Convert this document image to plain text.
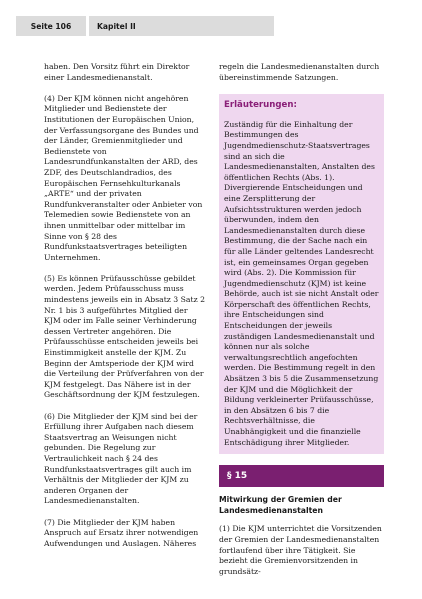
Seite 106	Kapitel II

haben. Den Vorsitz führt ein Direktor einer Landesmedienanstalt.

(4) Der KJM können nicht angehören Mitglieder und Bedienstete der Institutionen der Europäischen Union, der Verfassungsorgane des Bundes und der Länder, Gremienmitglieder und Bedienstete von Landesrundfunkanstalten der ARD, des ZDF, des Deutschlandradios, des Europäischen Fernsehkulturkanals „ARTE“ und der privaten Rundfunkveranstalter oder Anbieter von Telemedien sowie Bedienstete von an ihnen unmittelbar oder mittelbar im Sinne von § 28 des Rundfunkstaatsvertrages beteiligten Unternehmen.

(5) Es können Prüfausschüsse gebildet werden. Jedem Prüfausschuss muss mindestens jeweils ein in Absatz 3 Satz 2 Nr. 1 bis 3 aufgeführtes Mitglied der KJM oder im Falle seiner Verhinderung dessen Vertreter angehören. Die Prüfausschüsse entscheiden jeweils bei Einstimmigkeit anstelle der KJM. Zu Beginn der Amtsperiode der KJM wird die Verteilung der Prüfverfahren von der KJM festgelegt. Das Nähere ist in der Geschäftsordnung der KJM festzulegen.

(6) Die Mitglieder der KJM sind bei der Erfüllung ihrer Aufgaben nach diesem Staatsvertrag an Weisungen nicht gebunden. Die Regelung zur Vertraulichkeit nach § 24 des Rundfunkstaatsvertrages gilt auch im Verhältnis der Mitglieder der KJM zu anderen Organen der Landesmedienanstalten.

(7) Die Mitglieder der KJM haben Anspruch auf Ersatz ihrer notwendigen Aufwendungen und Auslagen. Näheres

regeln die Landesmedienanstalten durch übereinstimmende Satzungen.

Erläuterungen:

Zuständig für die Einhaltung der Bestimmungen des Jugendmedienschutz-Staatsvertrages sind an sich die Landesmedienanstalten, Anstalten des öffentlichen Rechts (Abs. 1). Divergierende Entscheidungen und eine Zersplitterung der Aufsichtsstrukturen werden jedoch überwunden, indem den Landesmedienanstalten durch diese Bestimmung, die der Sache nach ein für alle Länder geltendes Landesrecht ist, ein gemeinsames Organ gegeben wird (Abs. 2). Die Kommission für Jugendmedienschutz (KJM) ist keine Behörde, auch ist sie nicht Anstalt oder Körperschaft des öffentlichen Rechts, ihre Entscheidungen sind Entscheidungen der jeweils zuständigen Landesmedienanstalt und können nur als solche verwaltungsrechtlich angefochten werden. Die Bestimmung regelt in den Absätzen 3 bis 5 die Zusammensetzung der KJM und die Möglichkeit der Bildung verkleinerter Prüfausschüsse, in den Absätzen 6 bis 7 die Rechtsverhältnisse, die Unabhängigkeit und die finanzielle Entschädigung ihrer Mitglieder.

§ 15
Mitwirkung der Gremien der Landesmedienanstalten

(1) Die KJM unterrichtet die Vorsitzenden der Gremien der Landesmedienanstalten fortlaufend über ihre Tätigkeit. Sie bezieht die Gremienvorsitzenden in grundsätz-
